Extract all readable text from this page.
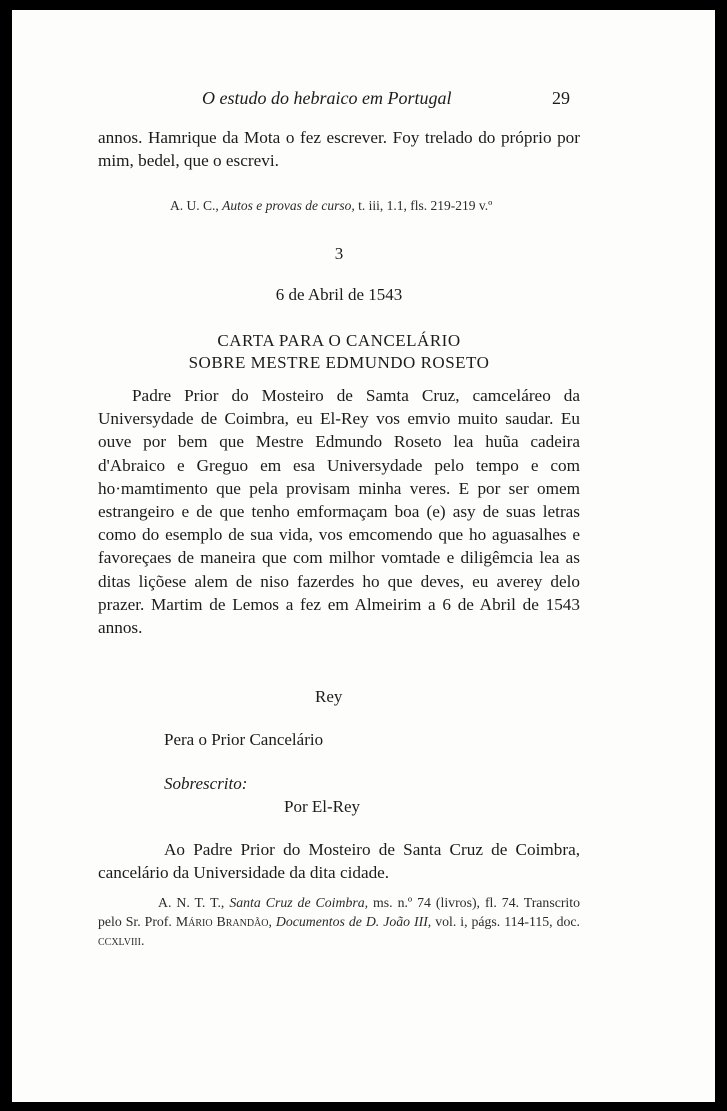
O estudo do hebraico em Portugal	29

annos. Hamrique da Mota o fez escrever. Foy trelado do próprio por mim, bedel, que o escrevi.

A. U. C., Autos e provas de curso, t. iii, 1.1, fls. 219-219 v.º
3
6 de Abril de 1543
CARTA PARA O CANCELÁRIO
SOBRE MESTRE EDMUNDO ROSETO

Padre Prior do Mosteiro de Samta Cruz, camceláreo da Universydade de Coimbra, eu El-Rey vos emvio muito saudar. Eu ouve por bem que Mestre Edmundo Roseto lea huũa cadeira d'Abraico e Greguo em esa Universydade pelo tempo e com ho·mamtimento que pela provisam minha veres. E por ser omem estrangeiro e de que tenho emformaçam boa (e) asy de suas letras como do esemplo de sua vida, vos emcomendo que ho aguasalhes e favoreçaes de maneira que com milhor vomtade e diligêmcia lea as ditas liçõese alem de niso fazerdes ho que deves, eu averey delo prazer. Martim de Lemos a fez em Almeirim a 6 de Abril de 1543 annos.

Rey
Pera o Prior Cancelário
Sobrescrito:
Por El-Rey

Ao Padre Prior do Mosteiro de Santa Cruz de Coimbra, cancelário da Universidade da dita cidade.

A. N. T. T., Santa Cruz de Coimbra, ms. n.º 74 (livros), fl. 74. Transcrito pelo Sr. Prof. Mário Brandão, Documentos de D. João III, vol. i, págs. 114-115, doc. ccxlviii.
